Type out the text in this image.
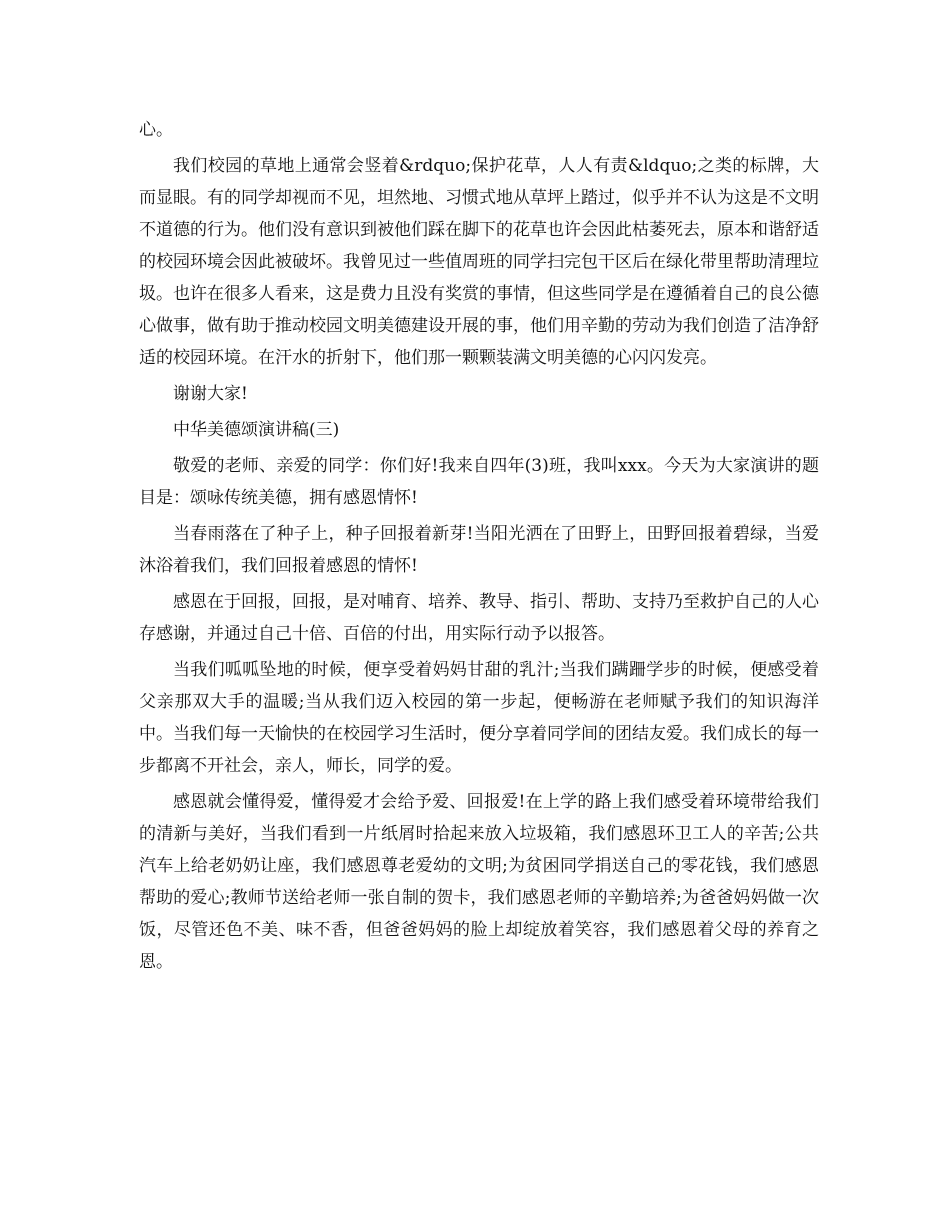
心。

我们校园的草地上通常会竖着&rdquo;保护花草，人人有责&ldquo;之类的标牌，大而显眼。有的同学却视而不见，坦然地、习惯式地从草坪上踏过，似乎并不认为这是不文明不道德的行为。他们没有意识到被他们踩在脚下的花草也许会因此枯萎死去，原本和谐舒适的校园环境会因此被破坏。我曾见过一些值周班的同学扫完包干区后在绿化带里帮助清理垃圾。也许在很多人看来，这是费力且没有奖赏的事情，但这些同学是在遵循着自己的良公德心做事，做有助于推动校园文明美德建设开展的事，他们用辛勤的劳动为我们创造了洁净舒适的校园环境。在汗水的折射下，他们那一颗颗装满文明美德的心闪闪发亮。

谢谢大家!

中华美德颂演讲稿(三)

敬爱的老师、亲爱的同学：你们好!我来自四年(3)班，我叫xxx。今天为大家演讲的题目是：颂咏传统美德，拥有感恩情怀!

当春雨落在了种子上，种子回报着新芽!当阳光洒在了田野上，田野回报着碧绿，当爱沐浴着我们，我们回报着感恩的情怀!

感恩在于回报，回报，是对哺育、培养、教导、指引、帮助、支持乃至救护自己的人心存感谢，并通过自己十倍、百倍的付出，用实际行动予以报答。

当我们呱呱坠地的时候，便享受着妈妈甘甜的乳汁;当我们蹒跚学步的时候，便感受着父亲那双大手的温暖;当从我们迈入校园的第一步起，便畅游在老师赋予我们的知识海洋中。当我们每一天愉快的在校园学习生活时，便分享着同学间的团结友爱。我们成长的每一步都离不开社会，亲人，师长，同学的爱。

感恩就会懂得爱，懂得爱才会给予爱、回报爱!在上学的路上我们感受着环境带给我们的清新与美好，当我们看到一片纸屑时拾起来放入垃圾箱，我们感恩环卫工人的辛苦;公共汽车上给老奶奶让座，我们感恩尊老爱幼的文明;为贫困同学捐送自己的零花钱，我们感恩帮助的爱心;教师节送给老师一张自制的贺卡，我们感恩老师的辛勤培养;为爸爸妈妈做一次饭，尽管还色不美、味不香，但爸爸妈妈的脸上却绽放着笑容，我们感恩着父母的养育之恩。
